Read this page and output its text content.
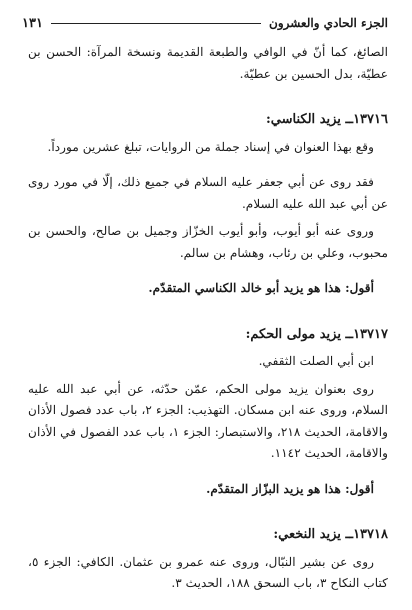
الجزء الحادي والعشرون
١٣١

الصائغ، كما أنّ في الوافي والطبعة القديمة ونسخة المرآة: الحسن بن عطيّة، بدل الحسين بن عطيّة.

١٣٧١٦ــ يزيد الكناسي:

وقع بهذا العنوان في إسناد جملة من الروايات، تبلغ عشرين مورداً.

فقد روى عن أبي جعفر عليه السلام في جميع ذلك، إلّا في مورد روى عن أبي عبد الله عليه السلام.

وروى عنه أبو أيوب، وأبو أيوب الخزّاز وجميل بن صالح، والحسن بن محبوب، وعلي بن رئاب، وهشام بن سالم.

أقول: هذا هو يزيد أبو خالد الكناسي المتقدّم.

١٣٧١٧ــ يزيد مولى الحكم:

ابن أبي الصلت الثقفي.

روى بعنوان يزيد مولى الحكم، عمّن حدّثه، عن أبي عبد الله عليه السلام، وروى عنه ابن مسكان. التهذيب: الجزء ٢، باب عدد فصول الأذان والاقامة، الحديث ٢١٨، والاستبصار: الجزء ١، باب عدد الفصول في الأذان والاقامة، الحديث ١١٤٢.

أقول: هذا هو يزيد البزّاز المتقدّم.

١٣٧١٨ــ يزيد النخعي:

روى عن بشير النبّال، وروى عنه عمرو بن عثمان. الكافي: الجزء ٥، كتاب النكاح ٣، باب السحق ١٨٨، الحديث ٣.
